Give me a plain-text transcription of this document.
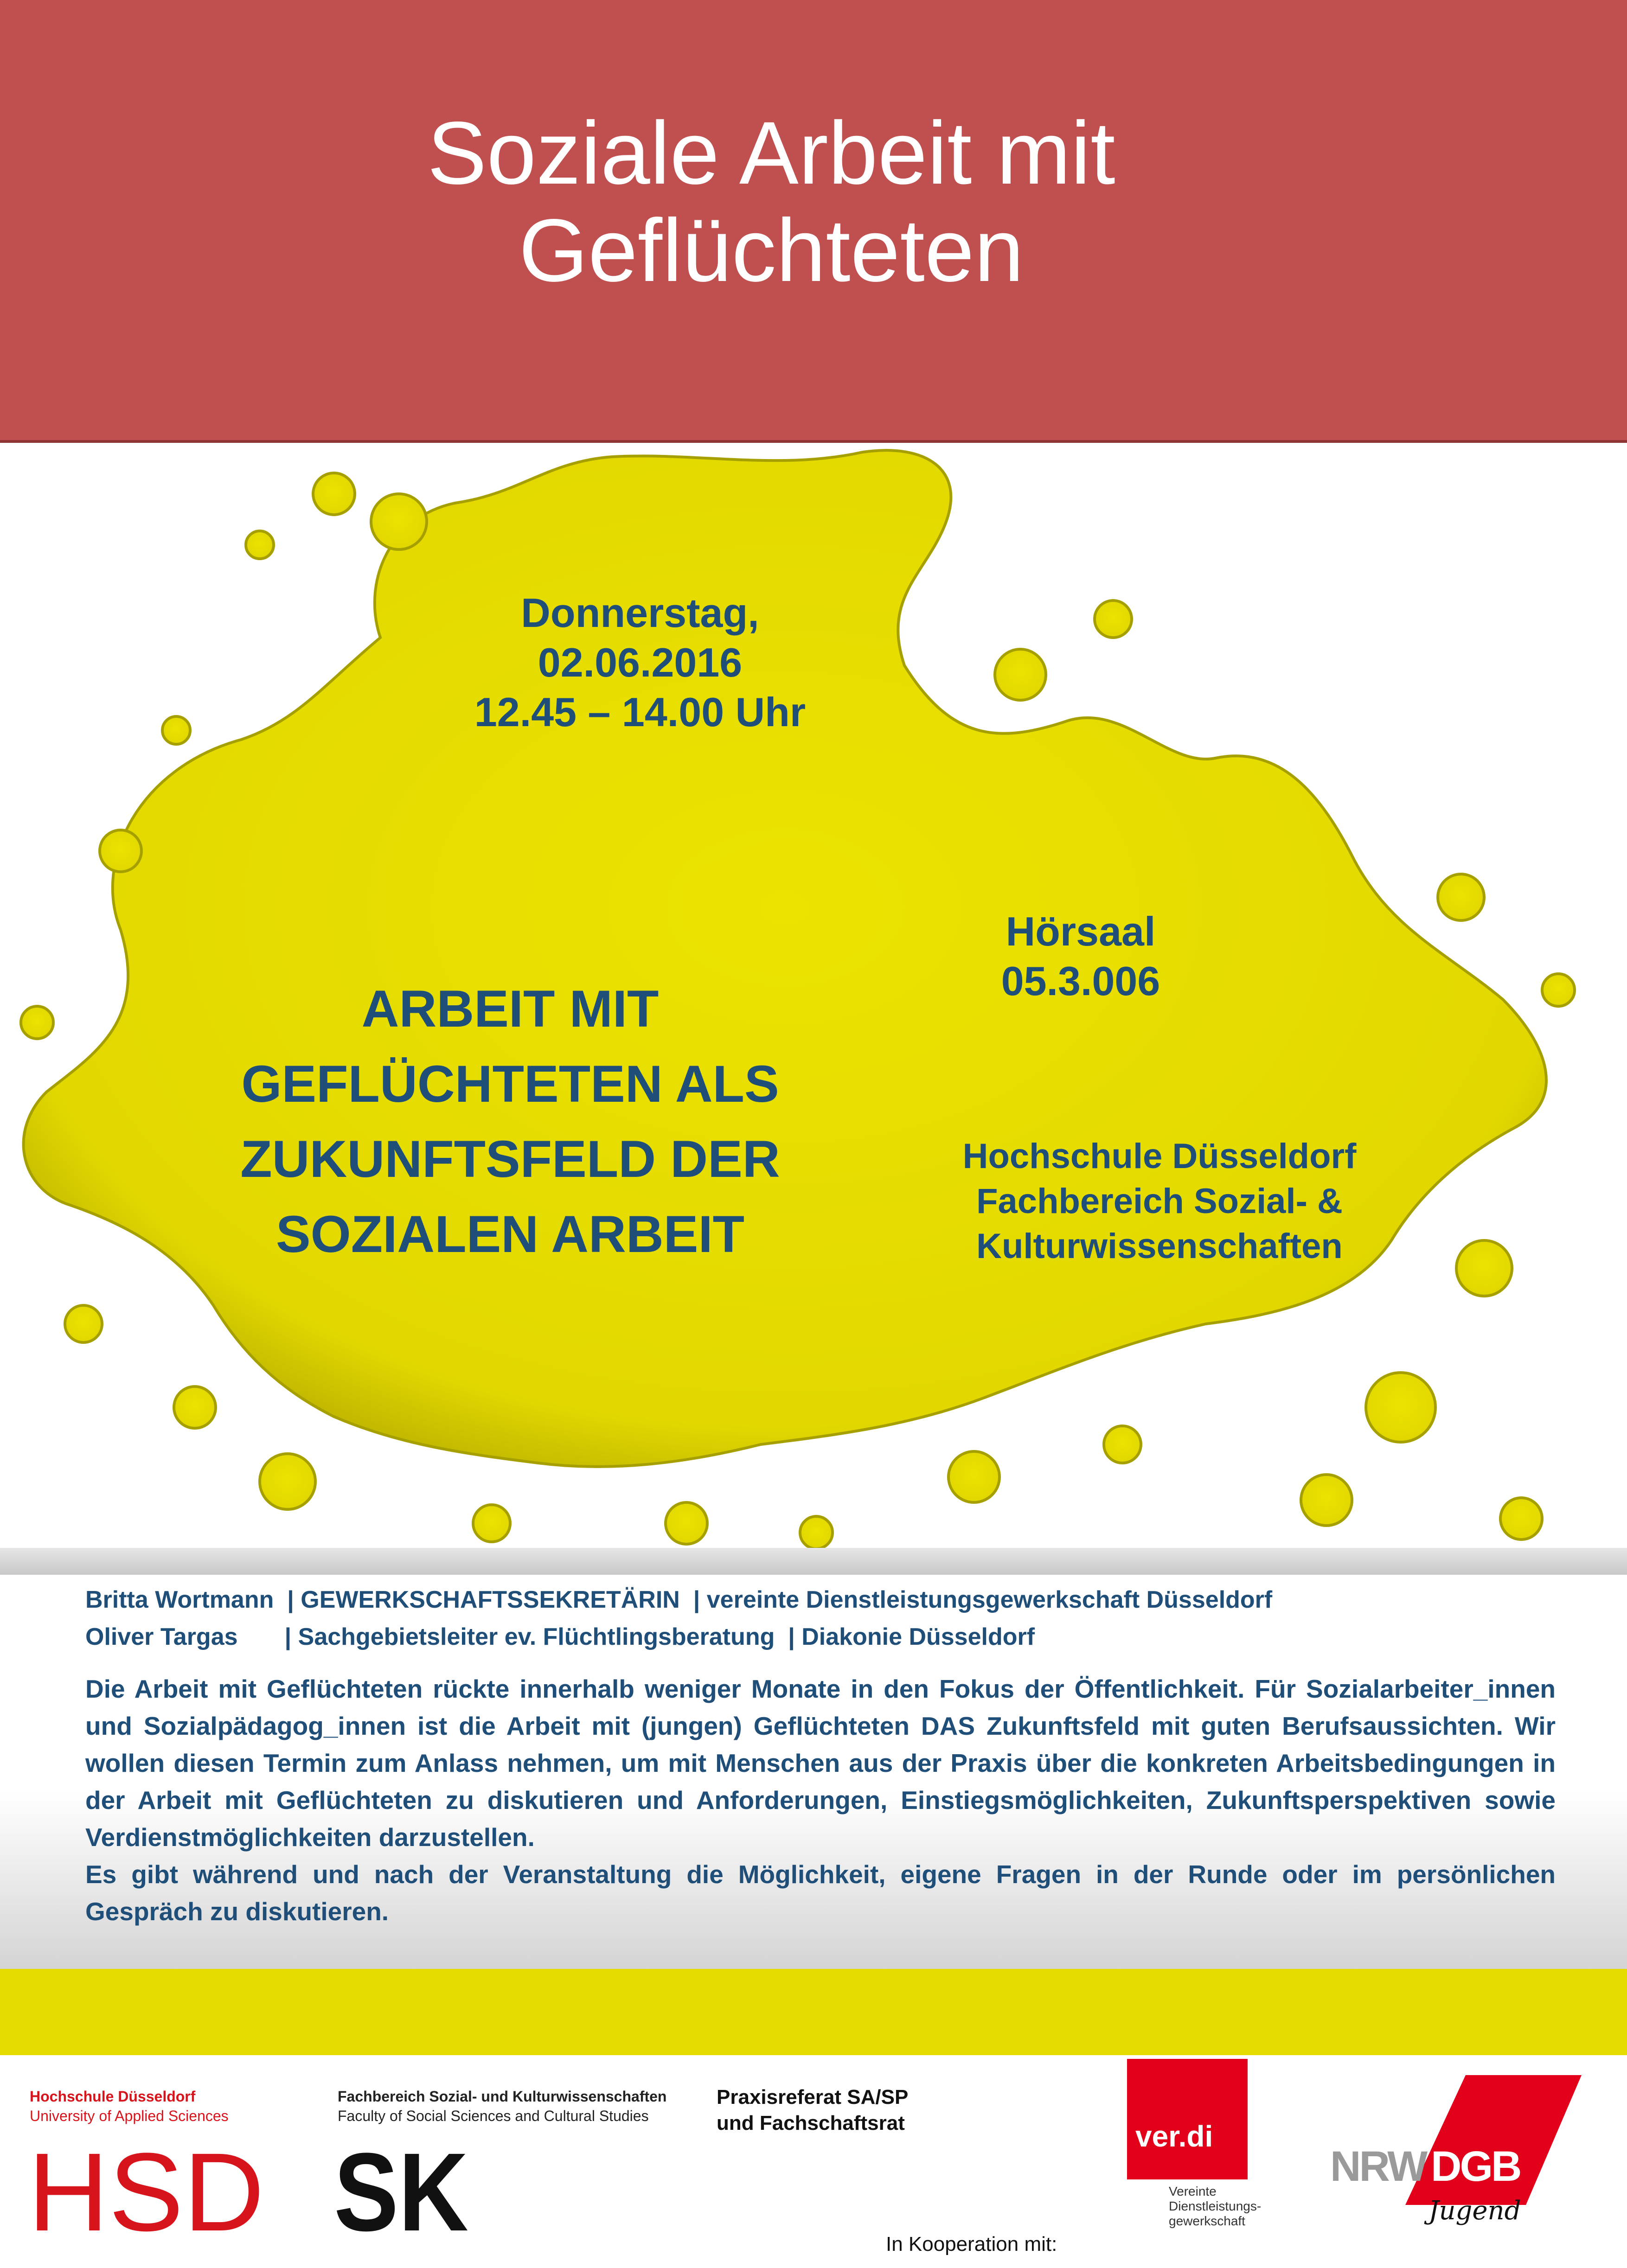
Soziale Arbeit mit
Geflüchteten
Donnerstag,
02.06.2016
12.45 – 14.00 Uhr
Hörsaal
05.3.006
ARBEIT MIT
GEFLÜCHTETEN ALS
ZUKUNFTSFELD DER
SOZIALEN ARBEIT
Hochschule Düsseldorf
Fachbereich Sozial- &
Kulturwissenschaften
Britta Wortmann  | GEWERKSCHAFTSSEKRETÄRIN  | vereinte Dienstleistungsgewerkschaft Düsseldorf
Oliver Targas       | Sachgebietsleiter ev. Flüchtlingsberatung  | Diakonie Düsseldorf

Die Arbeit mit Geflüchteten rückte innerhalb weniger Monate in den Fokus der Öffentlichkeit. Für Sozialarbeiter_innen und Sozialpädagog_innen ist die Arbeit mit (jungen) Geflüchteten DAS Zukunftsfeld mit guten Berufsaussichten. Wir wollen diesen Termin zum Anlass nehmen, um mit Menschen aus der Praxis über die konkreten Arbeitsbedingungen in der Arbeit mit Geflüchteten zu diskutieren und Anforderungen, Einstiegsmöglichkeiten, Zukunftsperspektiven sowie Verdienstmöglichkeiten darzustellen.

Es gibt während und nach der Veranstaltung die Möglichkeit, eigene Fragen in der Runde oder im persönlichen Gespräch zu diskutieren.

Hochschule Düsseldorf
University of Applied Sciences
HSD
Fachbereich Sozial- und Kulturwissenschaften
Faculty of Social Sciences and Cultural Studies
SK
Praxisreferat SA/SP
und Fachschaftsrat
In Kooperation mit:
ver.di
Vereinte
Dienstleistungs-
gewerkschaft
NRW DGB
Jugend
